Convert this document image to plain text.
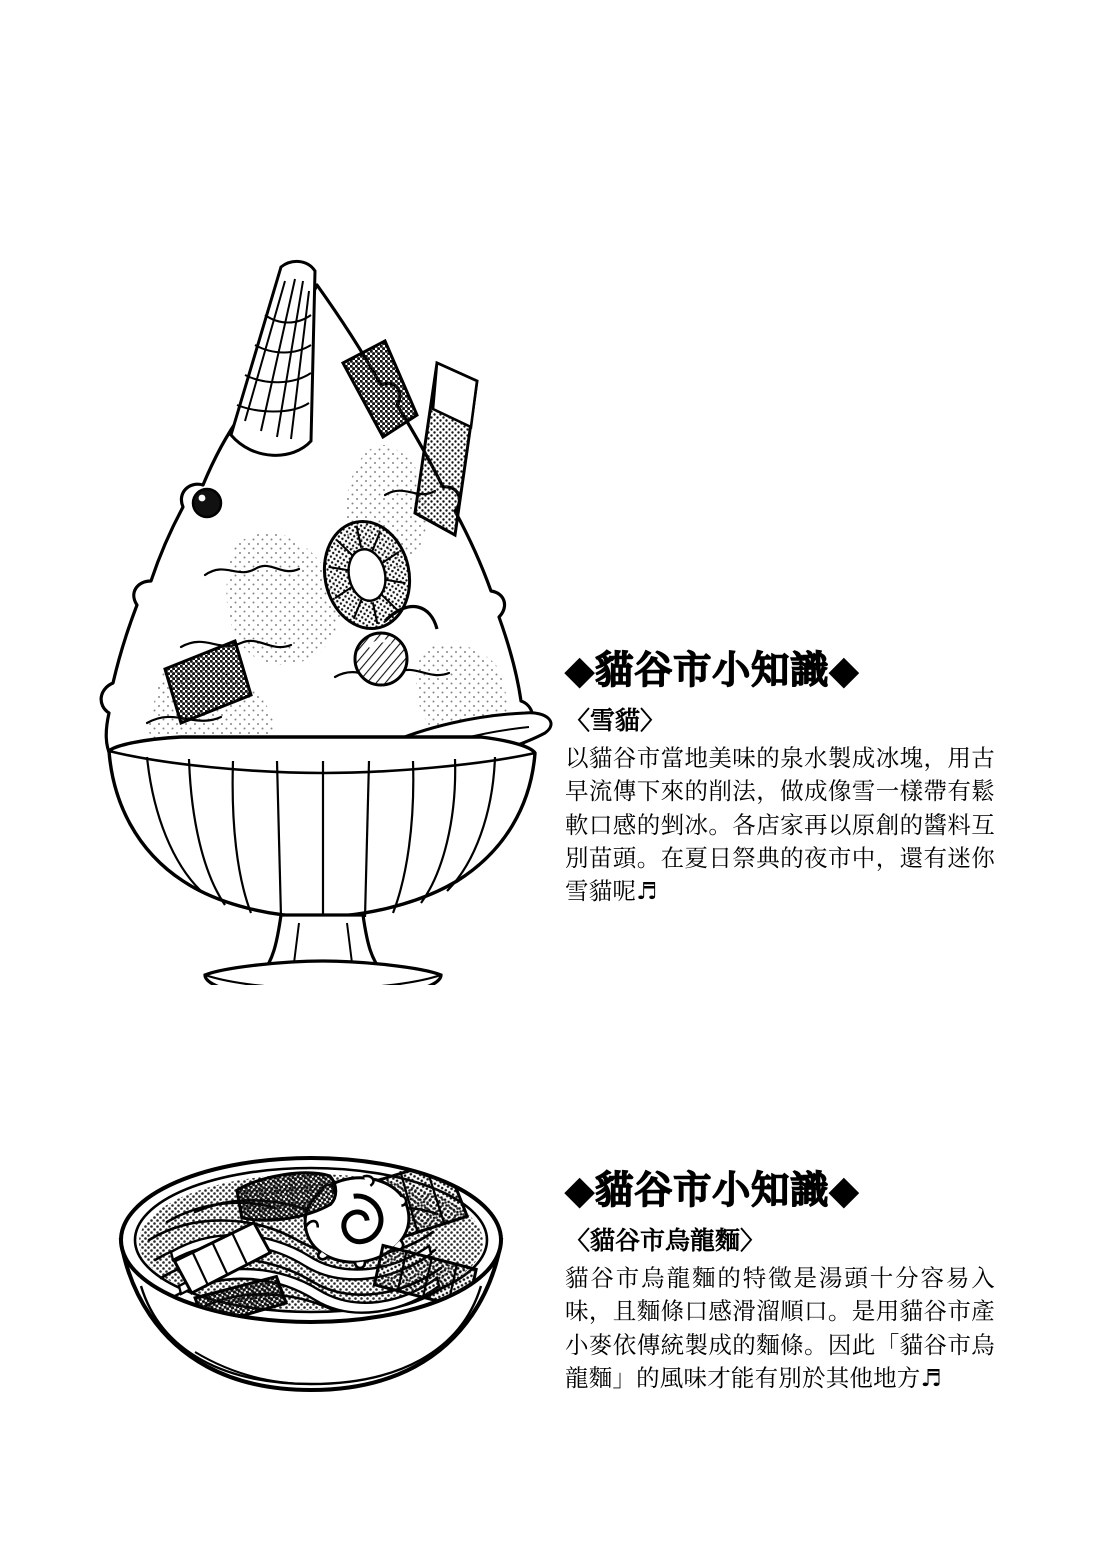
◆貓谷市小知識◆
〈雪貓〉

以貓谷市當地美味的泉水製成冰塊，用古早流傳下來的削法，做成像雪一樣帶有鬆軟口感的剉冰。各店家再以原創的醬料互別苗頭。在夏日祭典的夜市中，還有迷你雪貓呢♬

◆貓谷市小知識◆
〈貓谷市烏龍麵〉

貓谷市烏龍麵的特徵是湯頭十分容易入味，且麵條口感滑溜順口。是用貓谷市產小麥依傳統製成的麵條。因此「貓谷市烏龍麵」的風味才能有別於其他地方♬
